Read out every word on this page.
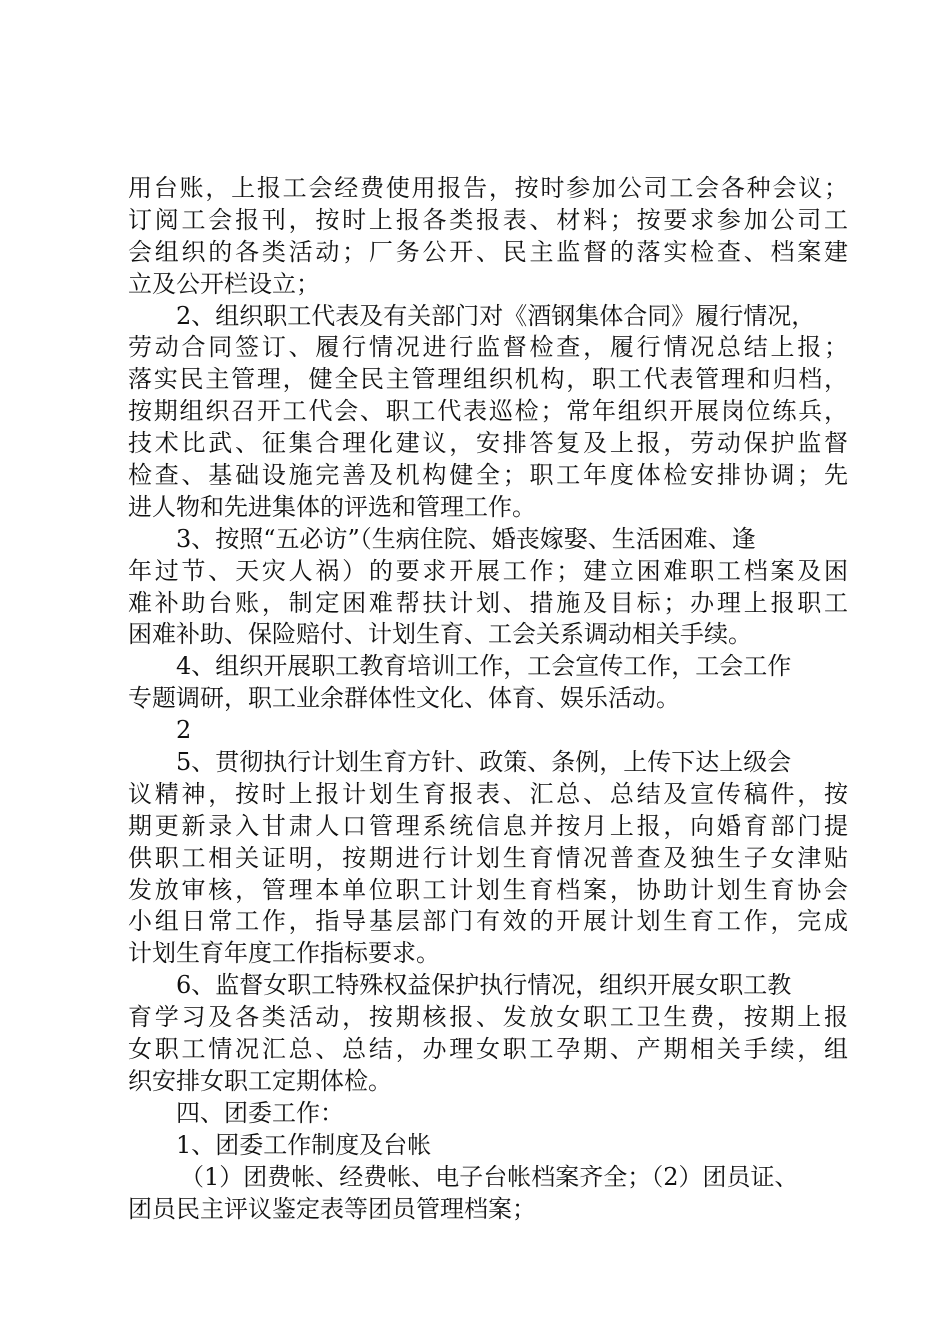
用台账，上报工会经费使用报告，按时参加公司工会各种会议；
订阅工会报刊，按时上报各类报表、材料；按要求参加公司工
会组织的各类活动；厂务公开、民主监督的落实检查、档案建
立及公开栏设立；
2、组织职工代表及有关部门对《酒钢集体合同》履行情况，
劳动合同签订、履行情况进行监督检查，履行情况总结上报；
落实民主管理，健全民主管理组织机构，职工代表管理和归档，
按期组织召开工代会、职工代表巡检；常年组织开展岗位练兵，
技术比武、征集合理化建议，安排答复及上报，劳动保护监督
检查、基础设施完善及机构健全；职工年度体检安排协调；先
进人物和先进集体的评选和管理工作。
3、按照“五必访”（生病住院、婚丧嫁娶、生活困难、逢
年过节、天灾人祸）的要求开展工作；建立困难职工档案及困
难补助台账，制定困难帮扶计划、措施及目标；办理上报职工
困难补助、保险赔付、计划生育、工会关系调动相关手续。
4、组织开展职工教育培训工作，工会宣传工作，工会工作
专题调研，职工业余群体性文化、体育、娱乐活动。
2
5、贯彻执行计划生育方针、政策、条例，上传下达上级会
议精神，按时上报计划生育报表、汇总、总结及宣传稿件，按
期更新录入甘肃人口管理系统信息并按月上报，向婚育部门提
供职工相关证明，按期进行计划生育情况普查及独生子女津贴
发放审核，管理本单位职工计划生育档案，协助计划生育协会
小组日常工作，指导基层部门有效的开展计划生育工作，完成
计划生育年度工作指标要求。
6、监督女职工特殊权益保护执行情况，组织开展女职工教
育学习及各类活动，按期核报、发放女职工卫生费，按期上报
女职工情况汇总、总结，办理女职工孕期、产期相关手续，组
织安排女职工定期体检。
四、团委工作：
1、团委工作制度及台帐
（1）团费帐、经费帐、电子台帐档案齐全；（2）团员证、
团员民主评议鉴定表等团员管理档案；
